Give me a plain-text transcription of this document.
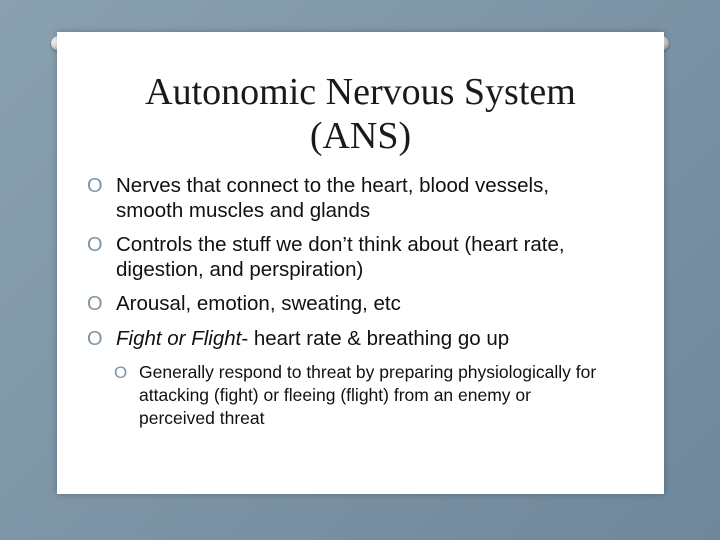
Autonomic Nervous System
(ANS)
O Nerves that connect to the heart, blood vessels, smooth muscles and glands
O Controls the stuff we don’t think about (heart rate, digestion, and perspiration)
O Arousal, emotion, sweating, etc
O Fight or Flight- heart rate & breathing go up
O Generally respond to threat by preparing physiologically for attacking (fight) or fleeing (flight) from an enemy or perceived threat
